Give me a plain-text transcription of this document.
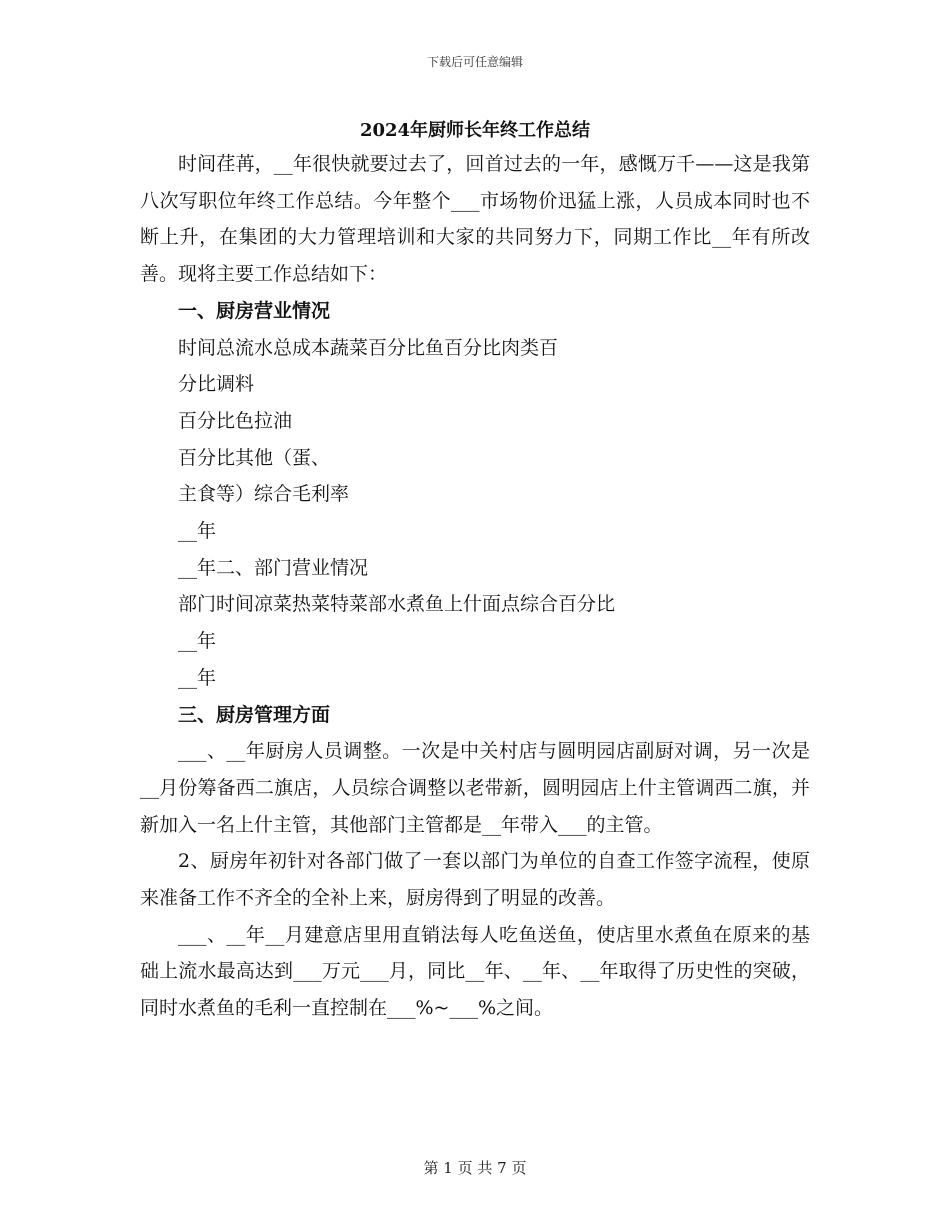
下载后可任意编辑
2024年厨师长年终工作总结

时间荏苒，__年很快就要过去了，回首过去的一年，感慨万千——这是我第八次写职位年终工作总结。今年整个___市场物价迅猛上涨，人员成本同时也不断上升，在集团的大力管理培训和大家的共同努力下，同期工作比__年有所改善。现将主要工作总结如下：

一、厨房营业情况

时间总流水总成本蔬菜百分比鱼百分比肉类百

分比调料

百分比色拉油

百分比其他（蛋、

主食等）综合毛利率

__年

__年二、部门营业情况

部门时间凉菜热菜特菜部水煮鱼上什面点综合百分比

__年

__年

三、厨房管理方面

___、__年厨房人员调整。一次是中关村店与圆明园店副厨对调，另一次是__月份筹备西二旗店，人员综合调整以老带新，圆明园店上什主管调西二旗，并新加入一名上什主管，其他部门主管都是__年带入___的主管。

2、厨房年初针对各部门做了一套以部门为单位的自查工作签字流程，使原来准备工作不齐全的全补上来，厨房得到了明显的改善。

___、__年__月建意店里用直销法每人吃鱼送鱼，使店里水煮鱼在原来的基础上流水最高达到___万元___月，同比__年、__年、__年取得了历史性的突破，同时水煮鱼的毛利一直控制在___%~___%之间。

第 1 页 共 7 页
